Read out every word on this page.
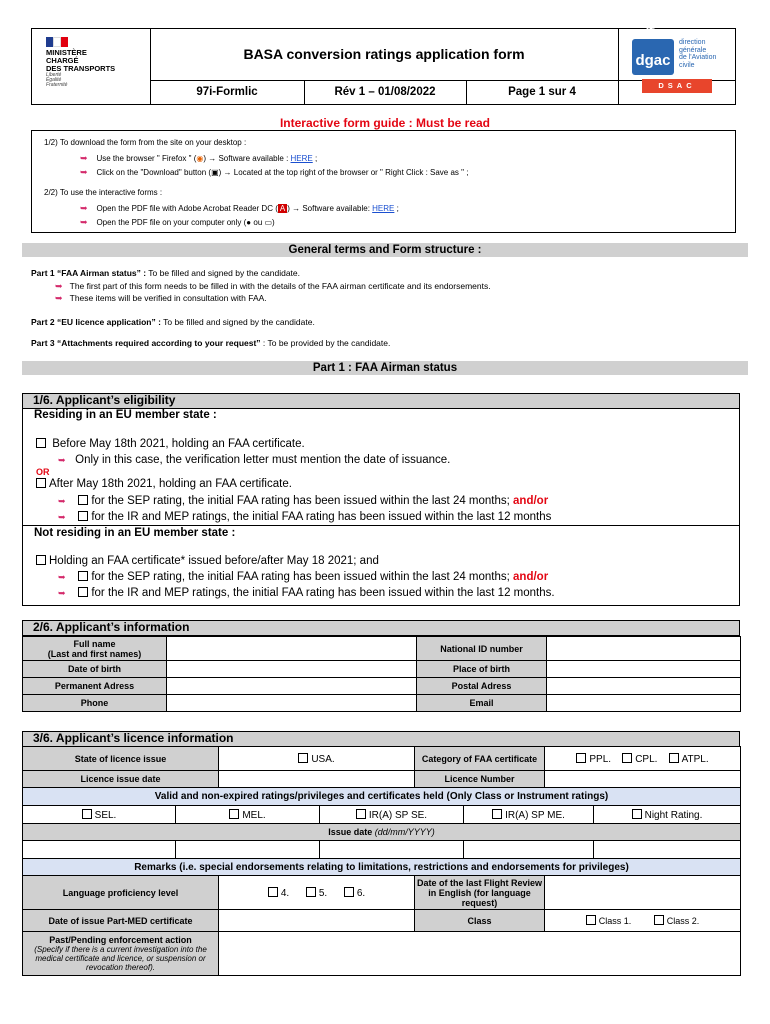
MINISTÈRE
CHARGÉ
DES TRANSPORTS
Liberté
Égalité
Fraternité
BASA conversion ratings application form
97i-Formlic	Rév 1 – 01/08/2022	Page 1 sur 4
✈
dgac
direction
générale
de l'Aviation
civile
DSAC
Interactive form guide : Must be read
1/2) To download the form from the site on your desktop :
➥ Use the browser " Firefox " (◉) → Software available : HERE ;
➥ Click on the "Download" button (▣) → Located at the top right of the browser or " Right Click : Save as " ;
2/2) To use the interactive forms :
➥ Open the PDF file with Adobe Acrobat Reader DC ( A ) → Software available: HERE ;
➥ Open the PDF file on your computer only (● ou ▭)
General terms and Form structure :
Part 1 “FAA Airman status” : To be filled and signed by the candidate.
➥ The first part of this form needs to be filled in with the details of the FAA airman certificate and its endorsements.
➥ These items will be verified in consultation with FAA.
Part 2 “EU licence application” : To be filled and signed by the candidate.
Part 3 “Attachments required according to your request” : To be provided by the candidate.
Part 1 : FAA Airman status
1/6. Applicant’s eligibility
Residing in an EU member state :
Before May 18th 2021, holding an FAA certificate.
➥ Only in this case, the verification letter must mention the date of issuance.
OR
After May 18th 2021, holding an FAA certificate.
➥ for the SEP rating, the initial FAA rating has been issued within the last 24 months; and/or
➥ for the IR and MEP ratings, the initial FAA rating has been issued within the last 12 months
Not residing in an EU member state :
Holding an FAA certificate* issued before/after May 18 2021; and
➥ for the SEP rating, the initial FAA rating has been issued within the last 24 months; and/or
➥ for the IR and MEP ratings, the initial FAA rating has been issued within the last 12 months.
2/6. Applicant’s information
Full name
(Last and first names)		National ID number	
Date of birth		Place of birth	
Permanent Adress		Postal Adress	
Phone		Email	
3/6. Applicant’s licence information
State of licence issue	USA.	Category of FAA certificate	PPL. CPL. ATPL.
Licence issue date		Licence Number	
Valid and non-expired ratings/privileges and certificates held (Only Class or Instrument ratings)				
SEL.	MEL.	IR(A) SP SE.	IR(A) SP ME.	Night Rating.
Issue date (dd/mm/YYYY)				

Remarks (i.e. special endorsements relating to limitations, restrictions and endorsements for privileges)				
Language proficiency level	4. 5. 6.	Date of the last Flight Review in English (for language request)	
Date of issue Part-MED certificate		Class	Class 1. Class 2.
Past/Pending enforcement action
(Specify if there is a current investigation into the medical certificate and licence, or suspension or revocation thereof).			
